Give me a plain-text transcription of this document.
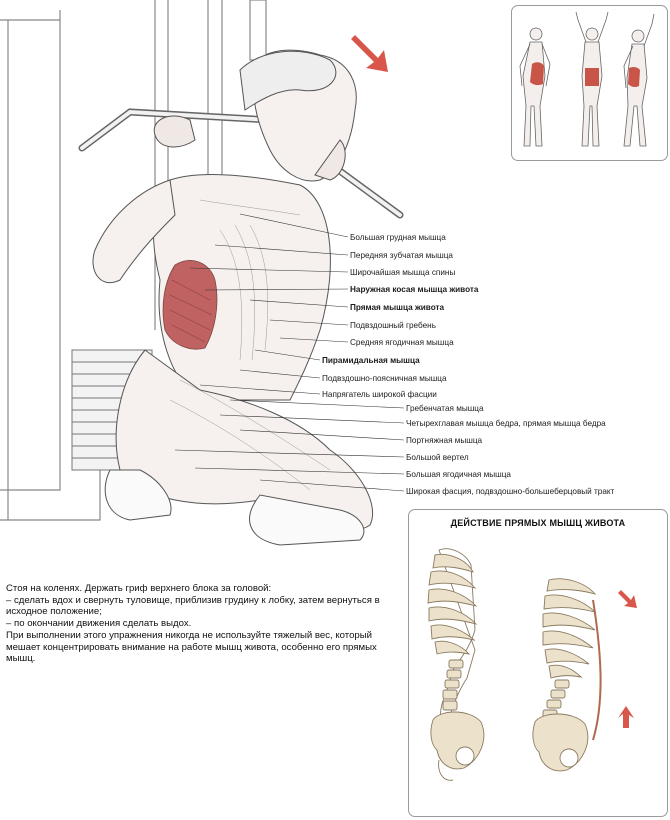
Большая грудная мышца
Передняя зубчатая мышца
Широчайшая мышца спины
Наружная косая мышца живота
Прямая мышца живота
Подвздошный гребень
Средняя ягодичная мышца
Пирамидальная мышца
Подвздошно-поясничная мышца
Напрягатель широкой фасции
Гребенчатая мышца
Четырехглавая мышца бедра, прямая мышца бедра
Портняжная мышца
Большой вертел
Большая ягодичная мышца
Широкая фасция, подвздошно-большеберцовый тракт
Стоя на коленях. Держать гриф верхнего блока за головой:
– сделать вдох и свернуть туловище, приблизив грудину к лобку, затем вернуться в исходное положение;
– по окончании движения сделать выдох.
При выполнении этого упражнения никогда не используйте тяжелый вес, который мешает концентрировать внимание на работе мышц живота, особенно его прямых мышц.
ДЕЙСТВИЕ ПРЯМЫХ МЫШЦ ЖИВОТА
